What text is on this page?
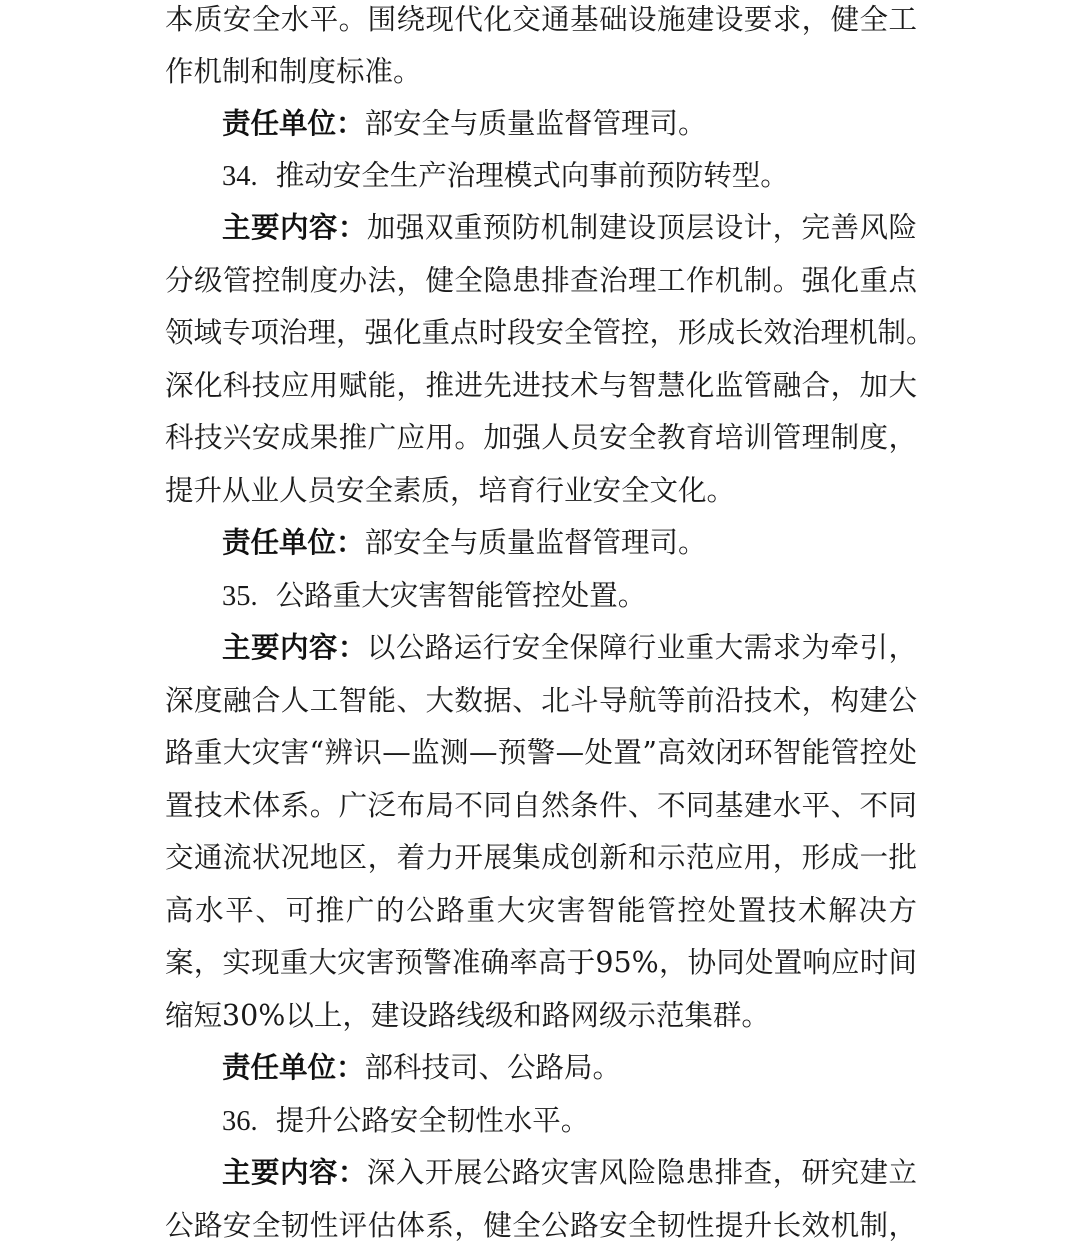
本质安全水平。围绕现代化交通基础设施建设要求，健全工
作机制和制度标准。
责任单位：部安全与质量监督管理司。
34. 推动安全生产治理模式向事前预防转型。
主要内容：加强双重预防机制建设顶层设计，完善风险
分级管控制度办法，健全隐患排查治理工作机制。强化重点
领域专项治理，强化重点时段安全管控，形成长效治理机制。
深化科技应用赋能，推进先进技术与智慧化监管融合，加大
科技兴安成果推广应用。加强人员安全教育培训管理制度，
提升从业人员安全素质，培育行业安全文化。
责任单位：部安全与质量监督管理司。
35. 公路重大灾害智能管控处置。
主要内容：以公路运行安全保障行业重大需求为牵引，
深度融合人工智能、大数据、北斗导航等前沿技术，构建公
路重大灾害“辨识—监测—预警—处置”高效闭环智能管控处
置技术体系。广泛布局不同自然条件、不同基建水平、不同
交通流状况地区，着力开展集成创新和示范应用，形成一批
高水平、可推广的公路重大灾害智能管控处置技术解决方
案，实现重大灾害预警准确率高于95%，协同处置响应时间
缩短30%以上，建设路线级和路网级示范集群。
责任单位：部科技司、公路局。
36. 提升公路安全韧性水平。
主要内容：深入开展公路灾害风险隐患排查，研究建立
公路安全韧性评估体系，健全公路安全韧性提升长效机制，
